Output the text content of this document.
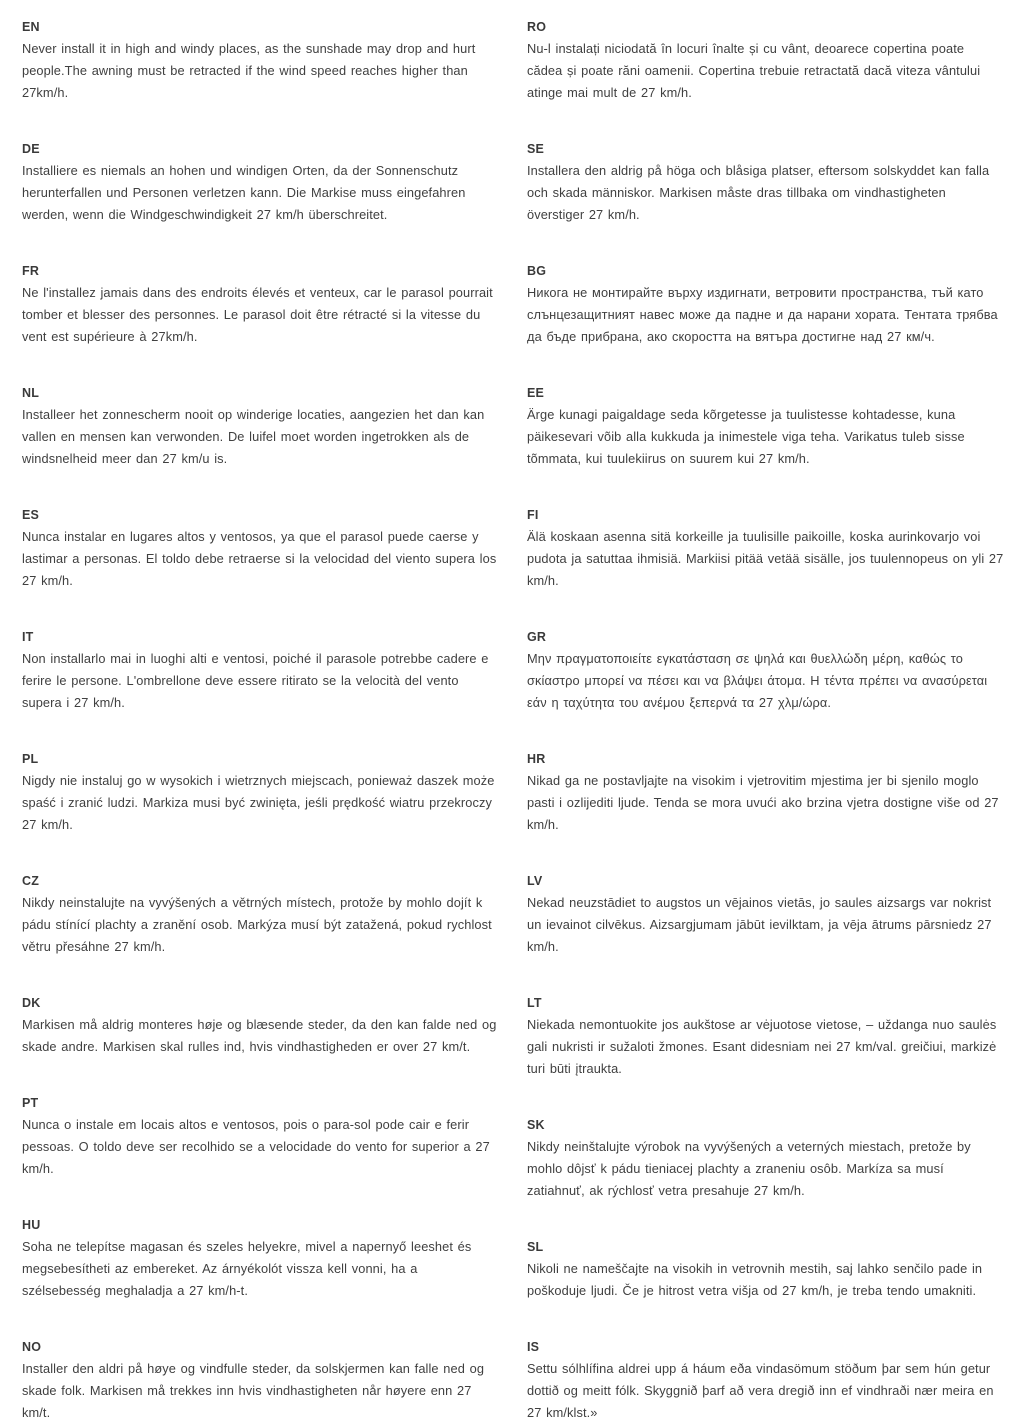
EN
Never install it in high and windy places, as the sunshade may drop and hurt people.The awning must be retracted if the wind speed reaches higher than 27km/h.
DE
Installiere es niemals an hohen und windigen Orten, da der Sonnenschutz herunterfallen und Personen verletzen kann. Die Markise muss eingefahren werden, wenn die Windgeschwindigkeit 27 km/h überschreitet.
FR
Ne l'installez jamais dans des endroits élevés et venteux, car le parasol pourrait tomber et blesser des personnes. Le parasol doit être rétracté si la vitesse du vent est supérieure à 27km/h.
NL
Installeer het zonnescherm nooit op winderige locaties, aangezien het dan kan vallen en mensen kan verwonden. De luifel moet worden ingetrokken als de windsnelheid meer dan 27 km/u is.
ES
Nunca instalar en lugares altos y ventosos, ya que el parasol puede caerse y lastimar a personas. El toldo debe retraerse si la velocidad del viento supera los 27 km/h.
IT
Non installarlo mai in luoghi alti e ventosi, poiché il parasole potrebbe cadere e ferire le persone. L'ombrellone deve essere ritirato se la velocità del vento supera i 27 km/h.
PL
Nigdy nie instaluj go w wysokich i wietrznych miejscach, ponieważ daszek może spaść i zranić ludzi. Markiza musi być zwinięta, jeśli prędkość wiatru przekroczy 27 km/h.
CZ
Nikdy neinstalujte na vyvýšených a větrných místech, protože by mohlo dojít k pádu stínící plachty a zranění osob. Markýza musí být zatažená, pokud rychlost větru přesáhne 27 km/h.
DK
Markisen må aldrig monteres høje og blæsende steder, da den kan falde ned og skade andre. Markisen skal rulles ind, hvis vindhastigheden er over 27 km/t.
PT
Nunca o instale em locais altos e ventosos, pois o para-sol pode cair e ferir pessoas. O toldo deve ser recolhido se a velocidade do vento for superior a 27 km/h.
HU
Soha ne telepítse magasan és szeles helyekre, mivel a napernyő leeshet és megsebesítheti az embereket. Az árnyékolót vissza kell vonni, ha a szélsebesség meghaladja a 27 km/h-t.
NO
Installer den aldri på høye og vindfulle steder, da solskjermen kan falle ned og skade folk. Markisen må trekkes inn hvis vindhastigheten når høyere enn 27 km/t.
RO
Nu-l instalați niciodată în locuri înalte și cu vânt, deoarece copertina poate cădea și poate răni oamenii. Copertina trebuie retractată dacă viteza vântului atinge mai mult de 27 km/h.
SE
Installera den aldrig på höga och blåsiga platser, eftersom solskyddet kan falla och skada människor. Markisen måste dras tillbaka om vindhastigheten överstiger 27 km/h.
BG
Никога не монтирайте върху издигнати, ветровити пространства, тъй като слънцезащитният навес може да падне и да нарани хората. Тентата трябва да бъде прибрана, ако скоростта на вятъра достигне над 27 км/ч.
EE
Ärge kunagi paigaldage seda kõrgetesse ja tuulistesse kohtadesse, kuna päikesevari võib alla kukkuda ja inimestele viga teha. Varikatus tuleb sisse tõmmata, kui tuulekiirus on suurem kui 27 km/h.
FI
Älä koskaan asenna sitä korkeille ja tuulisille paikoille, koska aurinkovarjo voi pudota ja satuttaa ihmisiä. Markiisi pitää vetää sisälle, jos tuulennopeus on yli 27 km/h.
GR
Μην πραγματοποιείτε εγκατάσταση σε ψηλά και θυελλώδη μέρη, καθώς το σκίαστρο μπορεί να πέσει και να βλάψει άτομα. Η τέντα πρέπει να ανασύρεται εάν η ταχύτητα του ανέμου ξεπερνά τα 27 χλμ/ώρα.
HR
Nikad ga ne postavljajte na visokim i vjetrovitim mjestima jer bi sjenilo moglo pasti i ozlijediti ljude. Tenda se mora uvući ako brzina vjetra dostigne više od 27 km/h.
LV
Nekad neuzstādiet to augstos un vējainos vietās, jo saules aizsargs var nokrist un ievainot cilvēkus. Aizsargjumam jābūt ievilktam, ja vēja ātrums pārsniedz 27 km/h.
LT
Niekada nemontuokite jos aukštose ar vėjuotose vietose, – uždanga nuo saulės gali nukristi ir sužaloti žmones. Esant didesniam nei 27 km/val. greičiui, markizė turi būti įtraukta.
SK
Nikdy neinštalujte výrobok na vyvýšených a veterných miestach, pretože by mohlo dôjsť k pádu tieniacej plachty a zraneniu osôb. Markíza sa musí zatiahnuť, ak rýchlosť vetra presahuje 27 km/h.
SL
Nikoli ne nameščajte na visokih in vetrovnih mestih, saj lahko senčilo pade in poškoduje ljudi. Če je hitrost vetra višja od 27 km/h, je treba tendo umakniti.
IS
Settu sólhlífina aldrei upp á háum eða vindasömum stöðum þar sem hún getur dottið og meitt fólk. Skyggnið þarf að vera dregið inn ef vindhraði nær meira en 27 km/klst.»
